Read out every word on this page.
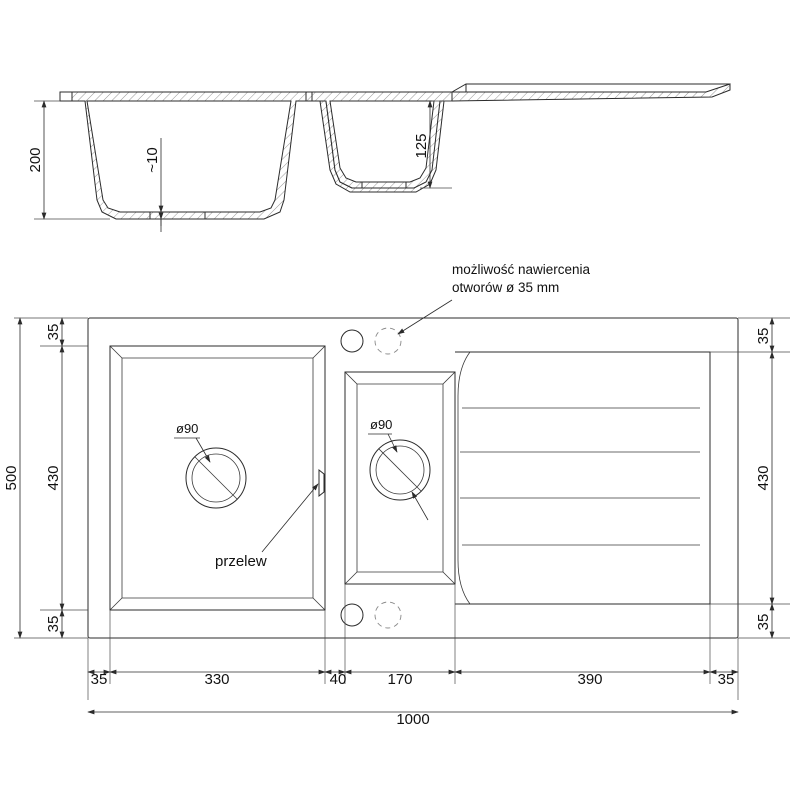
200	~10
125
ø90
przelew
ø90
możliwość nawiercenia
otworów ø 35 mm
35
430
35
500
35
430
35
35	330	40	170	390	35
1000
